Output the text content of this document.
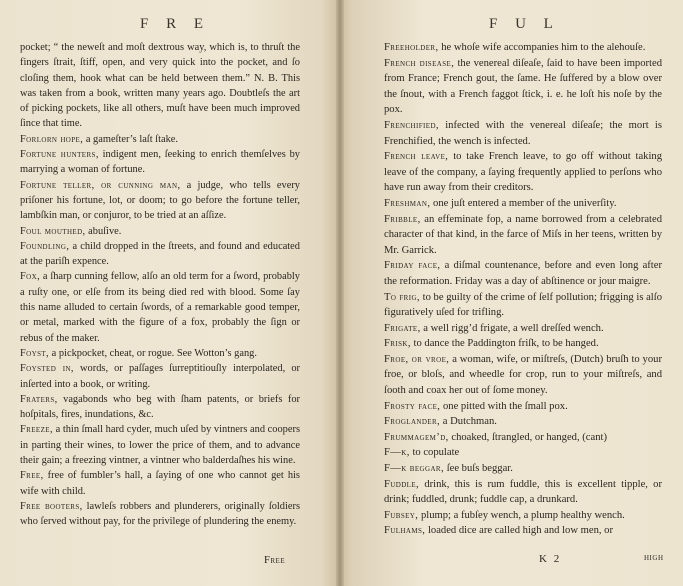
F R E

pocket; “ the neweſt and moſt dextrous way, which is, to thruſt the fingers ſtrait, ſtiff, open, and very quick into the pocket, and ſo cloſing them, hook what can be held between them.” N. B. This was taken from a book, written many years ago. Doubtleſs the art of picking pockets, like all others, muſt have been much improved ſince that time.

Forlorn hope, a gameſter’s laſt ſtake.

Fortune hunters, indigent men, ſeeking to enrich themſelves by marrying a woman of fortune.

Fortune teller, or cunning man, a judge, who tells every priſoner his fortune, lot, or doom; to go before the fortune teller, lambſkin man, or conjuror, to be tried at an aſſize.

Foul mouthed, abuſive.

Foundling, a child dropped in the ſtreets, and found and educated at the pariſh expence.

Fox, a ſharp cunning fellow, alſo an old term for a ſword, probably a ruſty one, or elſe from its being died red with blood. Some ſay this name alluded to certain ſwords, of a remarkable good temper, or metal, marked with the figure of a fox, probably the ſign or rebus of the maker.

Foyst, a pickpocket, cheat, or rogue. See Wotton’s gang.

Foysted in, words, or paſſages ſurreptitiouſly interpolated, or inſerted into a book, or writing.

Fraters, vagabonds who beg with ſham patents, or briefs for hoſpitals, fires, inundations, &c.

Freeze, a thin ſmall hard cyder, much uſed by vintners and coopers in parting their wines, to lower the price of them, and to advance their gain; a freezing vintner, a vintner who balderdaſhes his wine.

Free, free of fumbler’s hall, a ſaying of one who cannot get his wife with child.

Free booters, lawleſs robbers and plunderers, originally ſoldiers who ſerved without pay, for the privilege of plundering the enemy.

Free
F U L

Freeholder, he whoſe wife accompanies him to the alehouſe.

French disease, the venereal diſeaſe, ſaid to have been imported from France; French gout, the ſame. He ſuffered by a blow over the ſnout, with a French faggot ſtick, i. e. he loſt his noſe by the pox.

Frenchified, infected with the venereal diſeaſe; the mort is Frenchified, the wench is infected.

French leave, to take French leave, to go off without taking leave of the company, a ſaying frequently applied to perſons who have run away from their creditors.

Freshman, one juſt entered a member of the univerſity.

Fribble, an effeminate fop, a name borrowed from a celebrated character of that kind, in the farce of Miſs in her teens, written by Mr. Garrick.

Friday face, a diſmal countenance, before and even long after the reformation. Friday was a day of abſtinence or jour maigre.

To frig, to be guilty of the crime of ſelf pollution; frigging is alſo figuratively uſed for trifling.

Frigate, a well rigg’d frigate, a well dreſſed wench.

Frisk, to dance the Paddington friſk, to be hanged.

Froe, or vroe, a woman, wife, or miſtreſs, (Dutch) bruſh to your froe, or bloſs, and wheedle for crop, run to your miſtreſs, and ſooth and coax her out of ſome money.

Frosty face, one pitted with the ſmall pox.

Froglander, a Dutchman.

Frummagem’d, choaked, ſtrangled, or hanged, (cant)

F—k, to copulate

F—k beggar, ſee buſs beggar.

Fuddle, drink, this is rum fuddle, this is excellent tipple, or drink; fuddled, drunk; fuddle cap, a drunkard.

Fubsey, plump; a fubſey wench, a plump healthy wench.

Fulhams, loaded dice are called high and low men, or

K 2	high
